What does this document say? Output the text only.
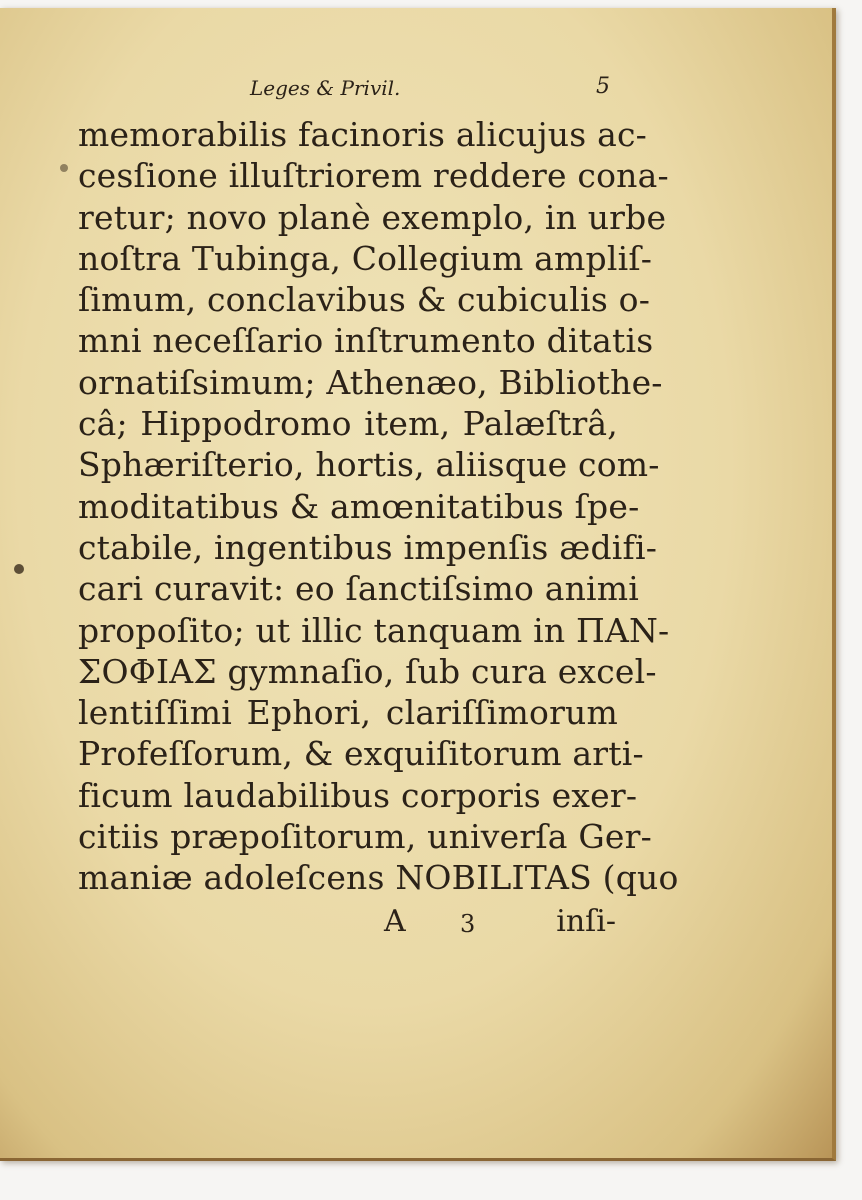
Leges & Privil.	5
memorabilis facinoris alicujus ac-
cesſione illuſtriorem reddere cona-
retur; novo planè exemplo, in urbe
noſtra Tubinga, Collegium ampliſ-
ſimum, conclavibus & cubiculis o-
mni neceſſario inſtrumento ditatis
ornatiſsimum; Athenæo, Bibliothe-
câ; Hippodromo item, Palæſtrâ,
Sphæriſterio, hortis, aliisque com-
moditatibus & amœnitatibus ſpe-
ctabile, ingentibus impenſis ædifi-
cari curavit: eo ſanctiſsimo animi
propoſito; ut illic tanquam in ΠΑΝ-
ΣΟΦΙΑΣ gymnaſio, ſub cura excel-
lentiſſimi Ephori, clariſſimorum
Profeſſorum, & exquiſitorum arti-
ficum laudabilibus corporis exer-
citiis præpoſitorum, univerſa Ger-
maniæ adoleſcens NOBILITAS (quo
A 3	inſi-
